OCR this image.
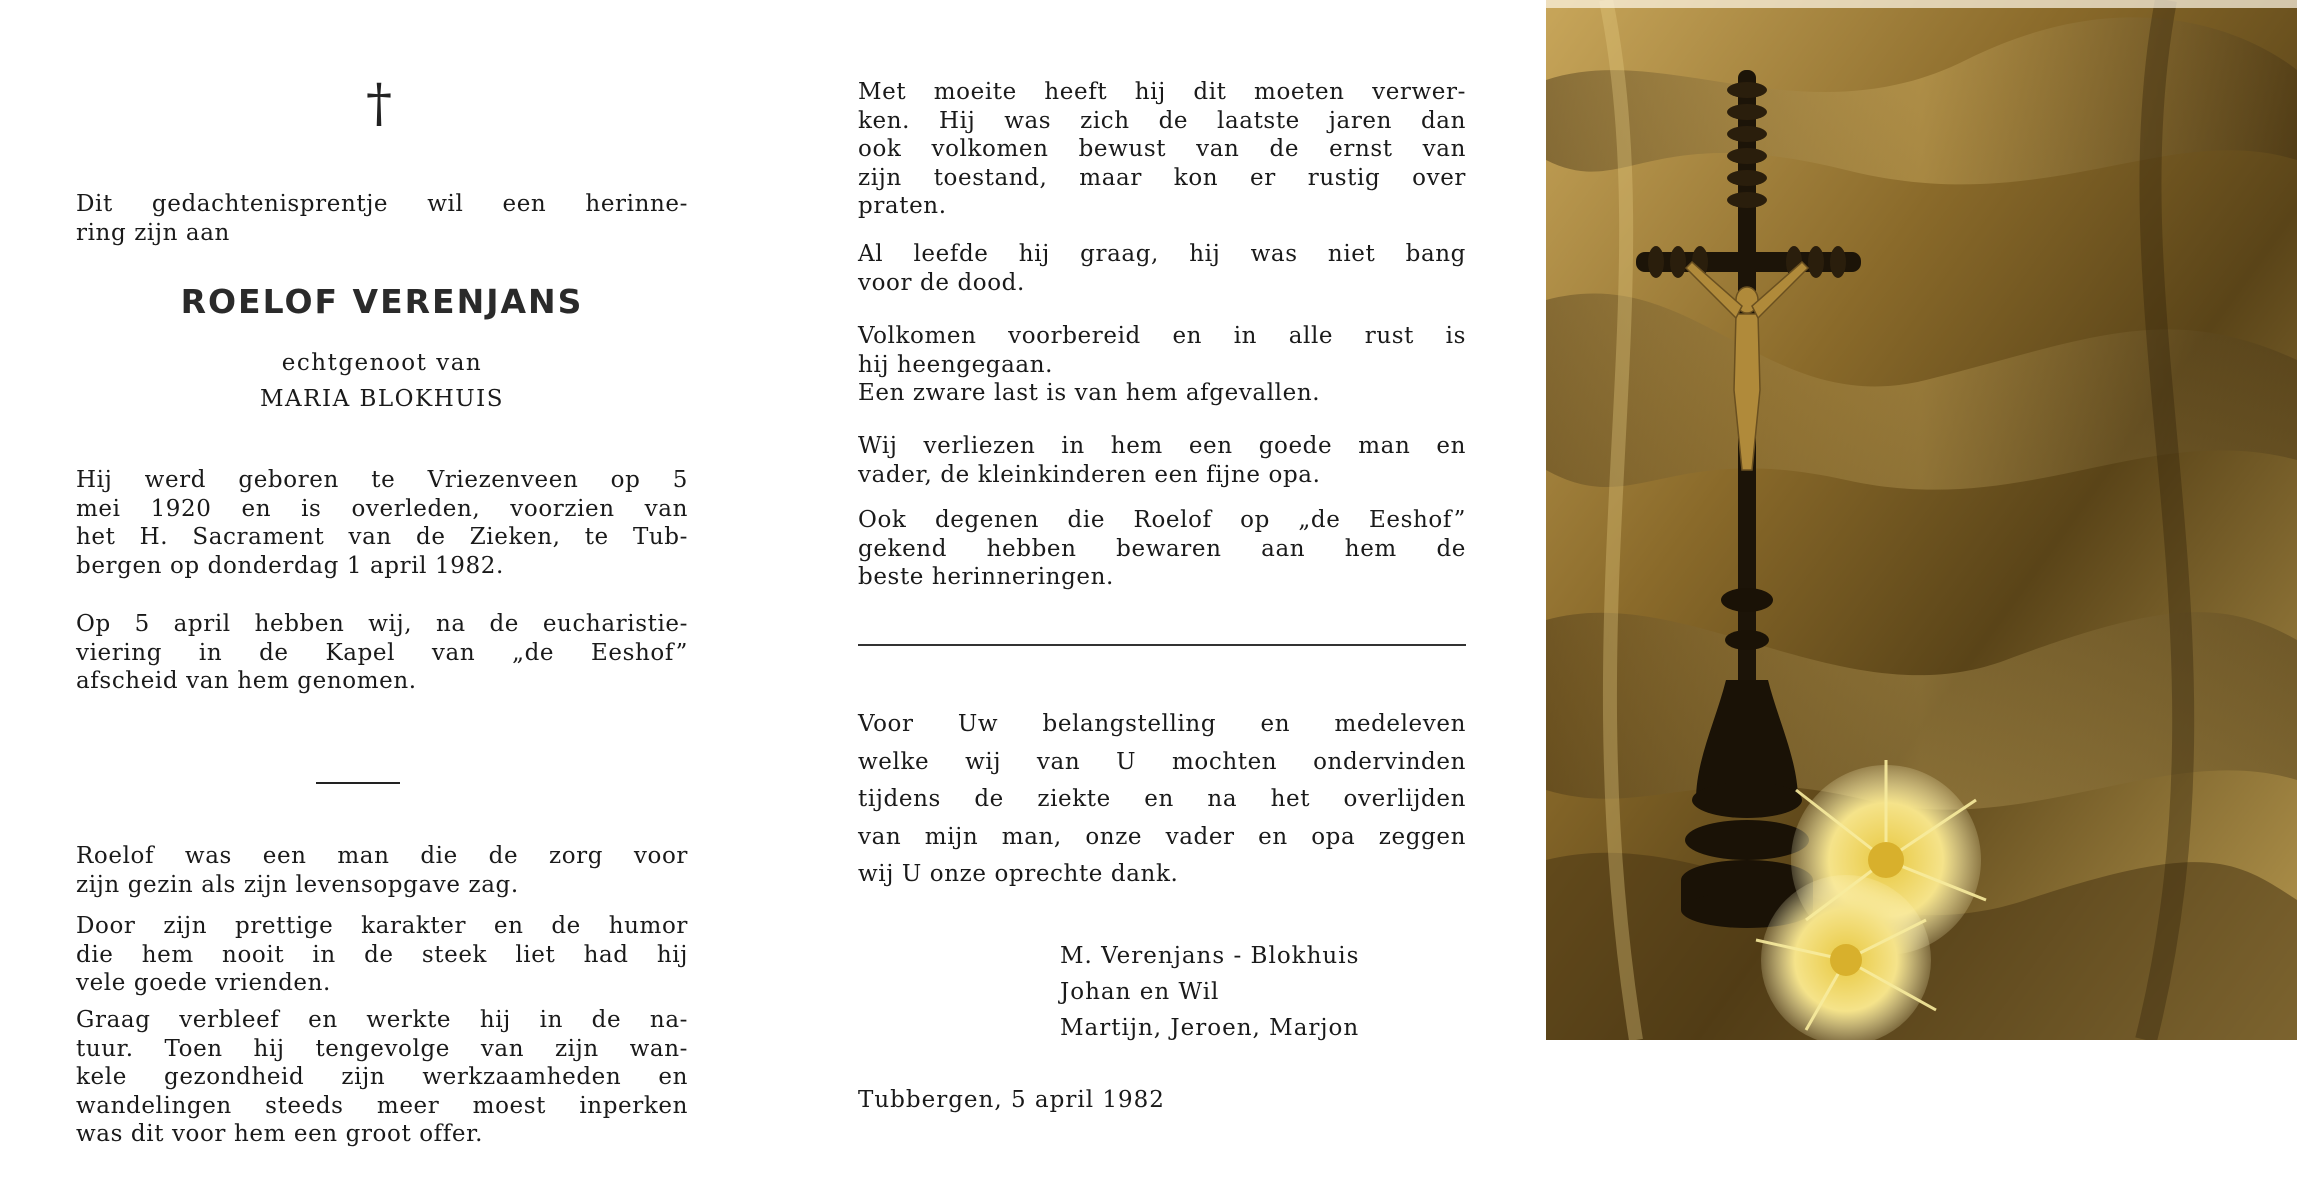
†

Dit gedachtenisprentje wil een herinne-
ring zijn aan

ROELOF VERENJANS
echtgenoot van
MARIA BLOKHUIS

Hij werd geboren te Vriezenveen op 5
mei 1920 en is overleden, voorzien van
het H. Sacrament van de Zieken, te Tub-
bergen op donderdag 1 april 1982.

Op 5 april hebben wij, na de eucharistie-
viering in de Kapel van „de Eeshof”
afscheid van hem genomen.

Roelof was een man die de zorg voor
zijn gezin als zijn levensopgave zag.

Door zijn prettige karakter en de humor
die hem nooit in de steek liet had hij
vele goede vrienden.

Graag verbleef en werkte hij in de na-
tuur. Toen hij tengevolge van zijn wan-
kele gezondheid zijn werkzaamheden en
wandelingen steeds meer moest inperken
was dit voor hem een groot offer.

Met moeite heeft hij dit moeten verwer-
ken. Hij was zich de laatste jaren dan
ook volkomen bewust van de ernst van
zijn toestand, maar kon er rustig over
praten.

Al leefde hij graag, hij was niet bang
voor de dood.

Volkomen voorbereid en in alle rust is
hij heengegaan.
Een zware last is van hem afgevallen.

Wij verliezen in hem een goede man en
vader, de kleinkinderen een fijne opa.

Ook degenen die Roelof op „de Eeshof”
gekend hebben bewaren aan hem de
beste herinneringen.

Voor Uw belangstelling en medeleven
welke wij van U mochten ondervinden
tijdens de ziekte en na het overlijden
van mijn man, onze vader en opa zeggen
wij U onze oprechte dank.

M. Verenjans - Blokhuis
Johan en Wil
Martijn, Jeroen, Marjon
Tubbergen, 5 april 1982
